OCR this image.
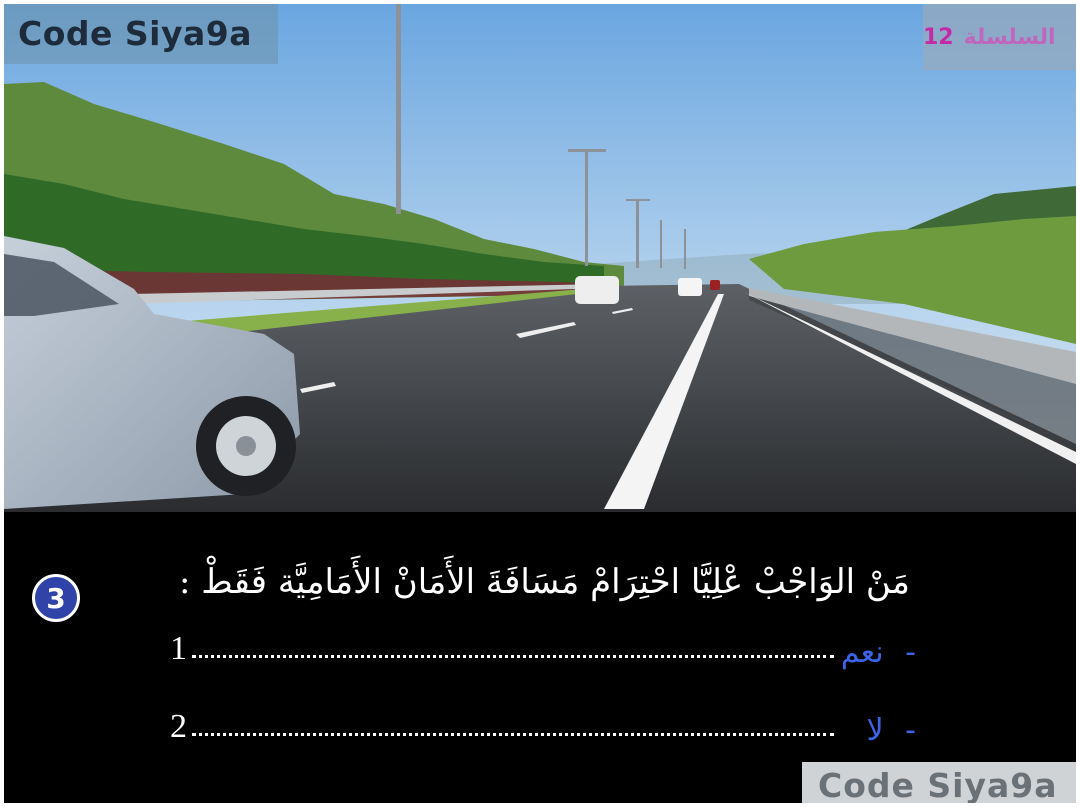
Code Siya9a	السلسلة
12
3	مَنْ الوَاجْبْ عْلِيَّا احْتِرَامْ مَسَافَةَ الأَمَانْ الأَمَامِيَّة فَقَطْ :
1	- نعم
2	- لا
Code Siya9a
